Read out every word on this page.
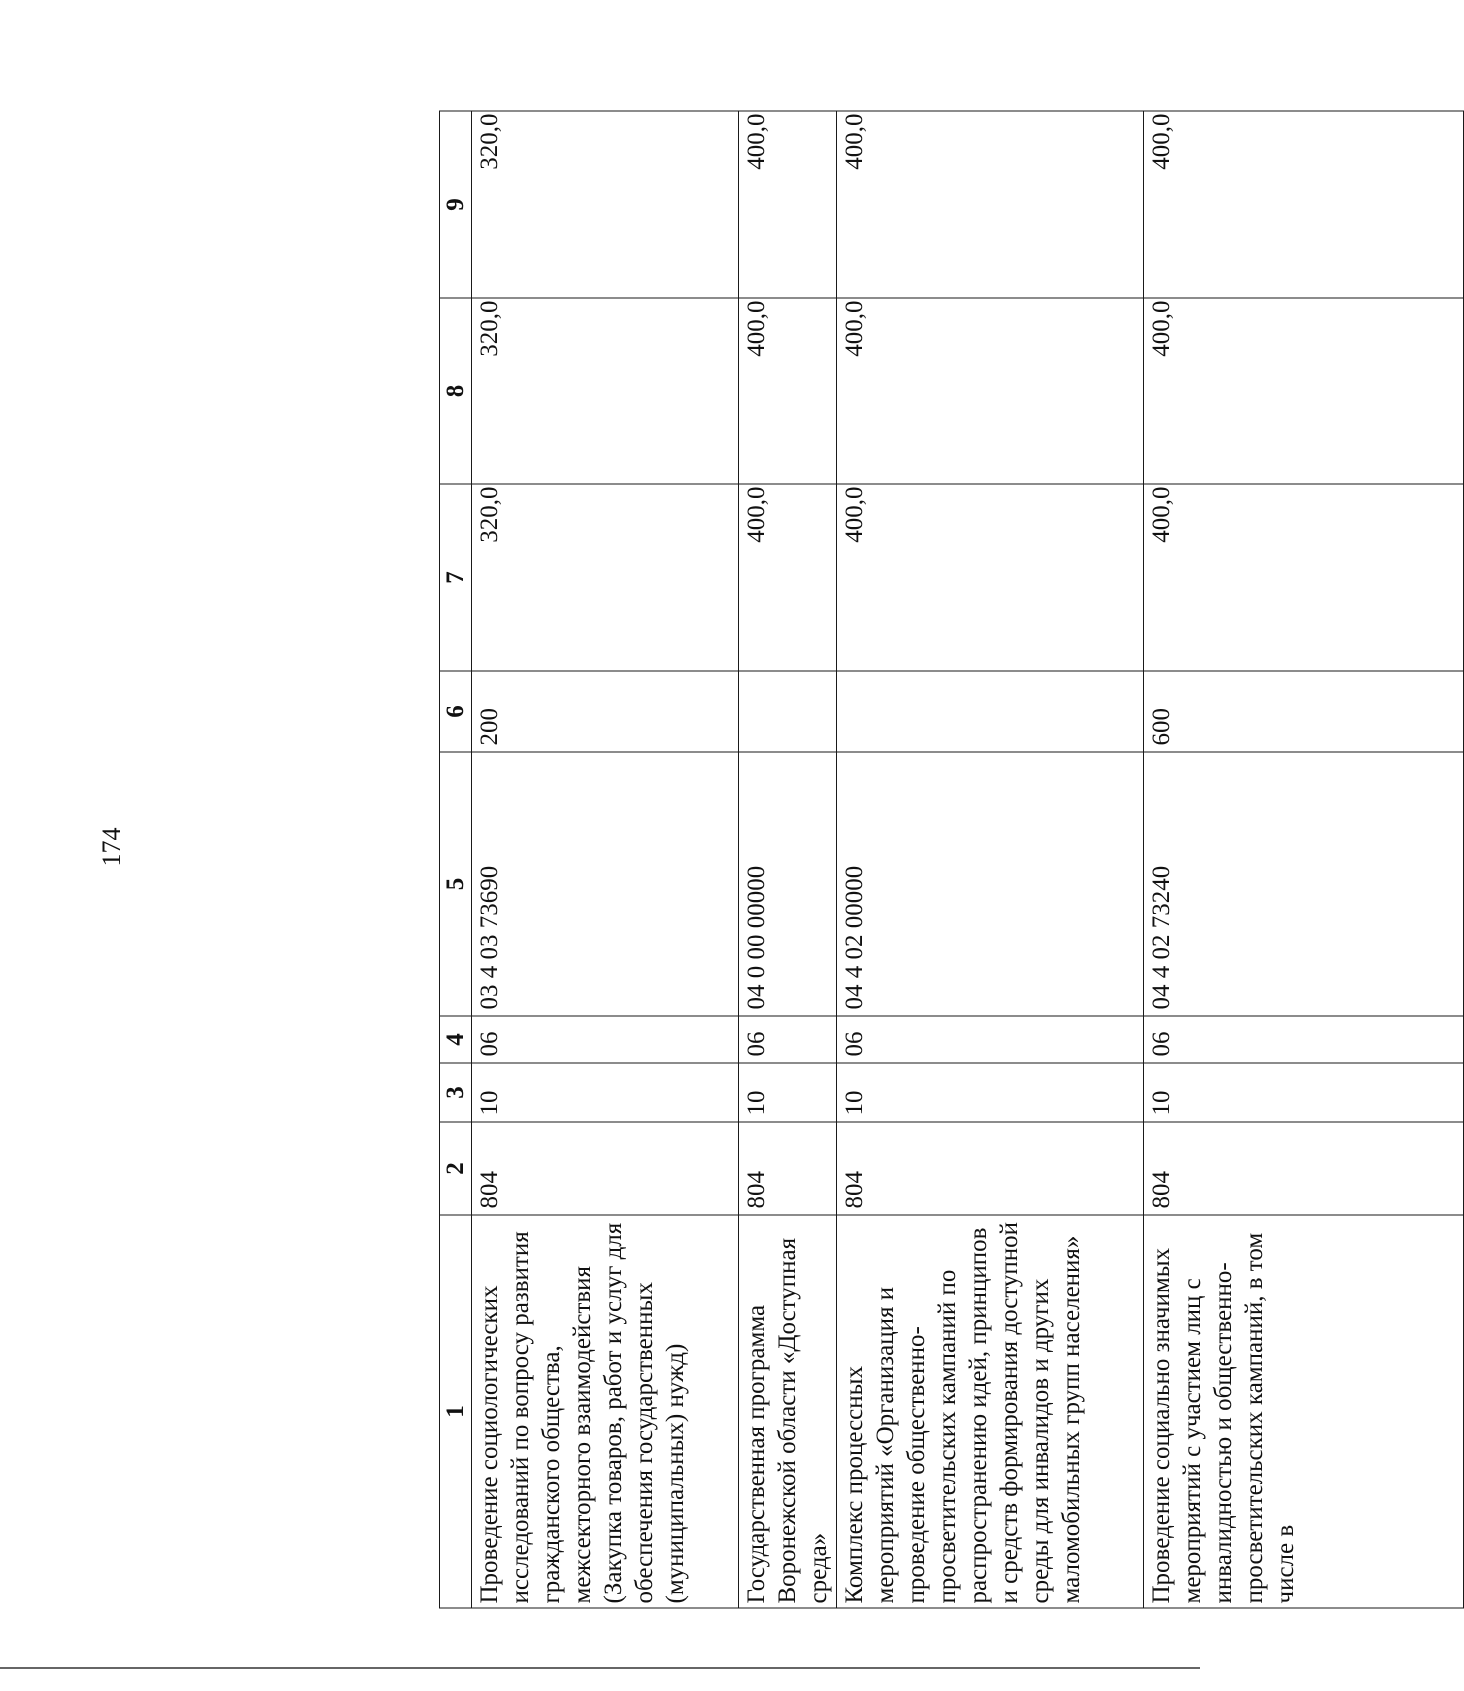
174
1	2	3	4	5	6	7	8	9
Проведение социологических исследований по вопросу развития гражданского общества, межсекторного взаимодействия (Закупка товаров, работ и услуг для обеспечения государственных (муниципальных) нужд)	804	10	06	03 4 03 73690	200	320,0	320,0	320,0
Государственная программа Воронежской области «Доступная среда»	804	10	06	04 0 00 00000		400,0	400,0	400,0
Комплекс процессных мероприятий «Организация и проведение общественно-просветительских кампаний по распространению идей, принципов и средств формирования доступной среды для инвалидов и других маломобильных групп населения»	804	10	06	04 4 02 00000		400,0	400,0	400,0
Проведение социально значимых мероприятий с участием лиц с инвалидностью и общественно-просветительских кампаний, в том числе в	804	10	06	04 4 02 73240	600	400,0	400,0	400,0
